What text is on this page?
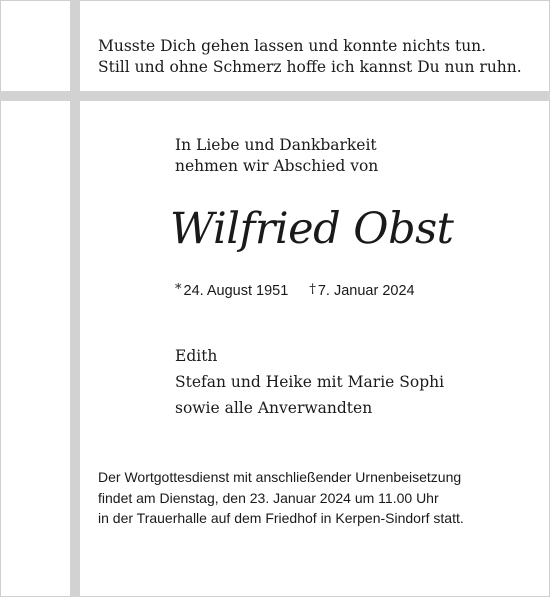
Musste Dich gehen lassen und konnte nichts tun.
Still und ohne Schmerz hoffe ich kannst Du nun ruhn.
In Liebe und Dankbarkeit
nehmen wir Abschied von
Wilfried Obst
* 24. August 1951 † 7. Januar 2024
Edith
Stefan und Heike mit Marie Sophi
sowie alle Anverwandten
Der Wortgottesdienst mit anschließender Urnenbeisetzung
findet am Dienstag, den 23. Januar 2024 um 11.00 Uhr
in der Trauerhalle auf dem Friedhof in Kerpen-Sindorf statt.
